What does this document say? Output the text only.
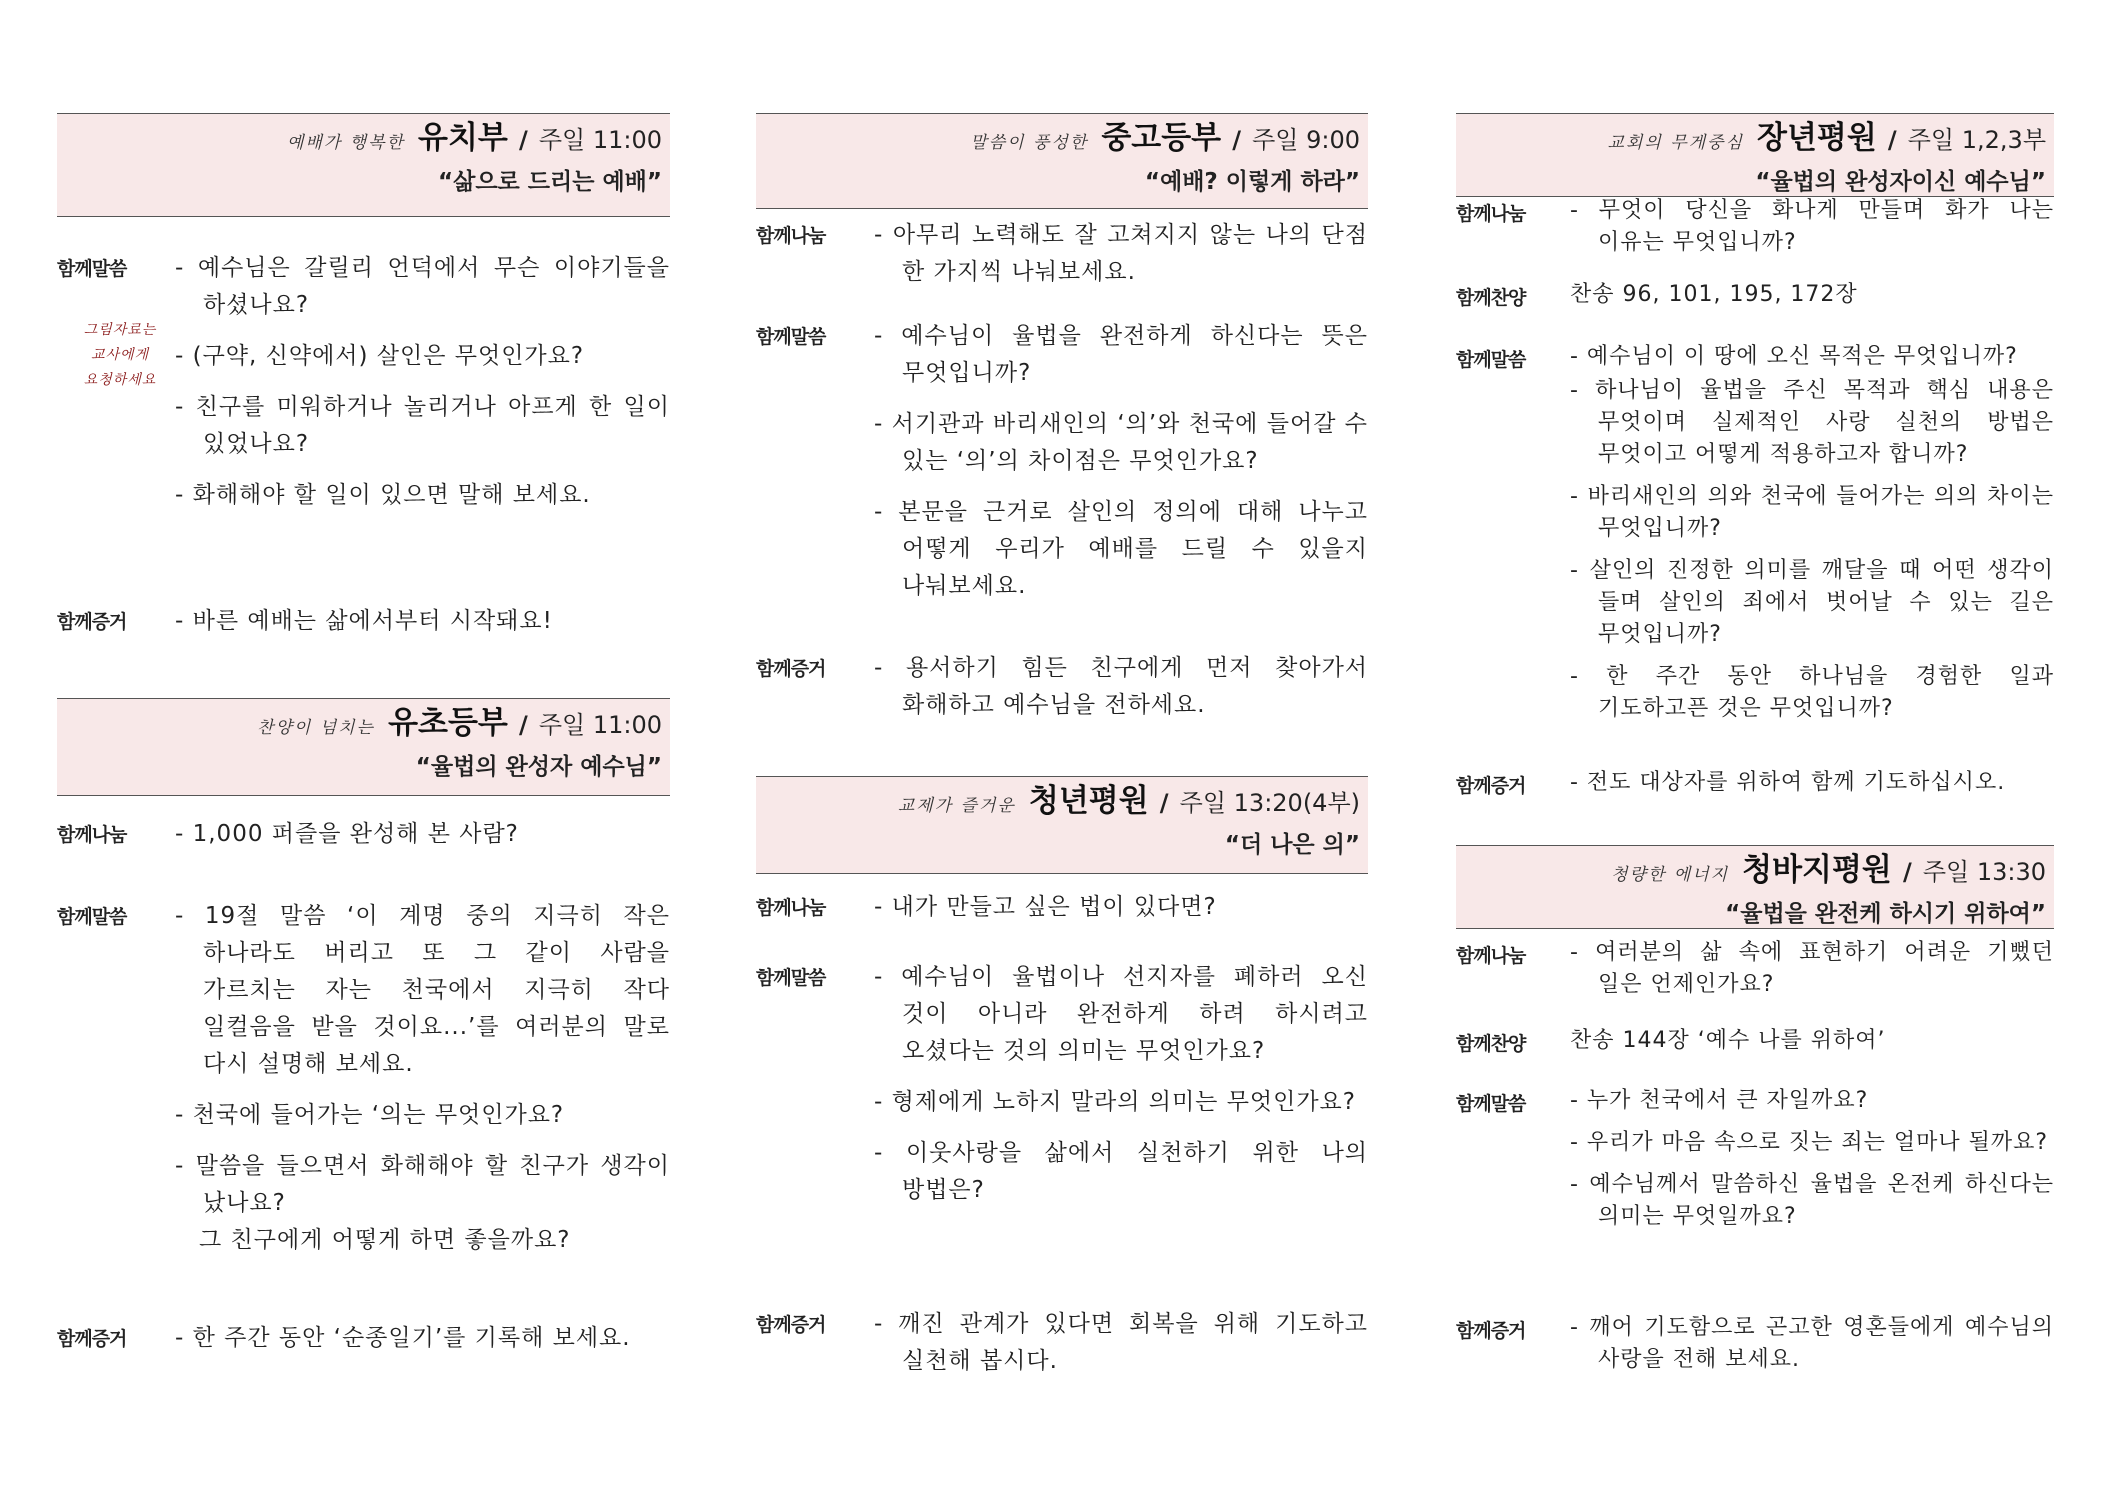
예배가 행복한 유치부 / 주일 11:00
“삶으로 드리는 예배”
함께말씀 - 예수님은 갈릴리 언덕에서 무슨 이야기들을 하셨나요?
- (구약, 신약에서) 살인은 무엇인가요?
- 친구를 미워하거나 놀리거나 아프게 한 일이 있었나요?
- 화해해야 할 일이 있으면 말해 보세요.
그림자료는
교사에게
요청하세요
함께증거 - 바른 예배는 삶에서부터 시작돼요!
찬양이 넘치는 유초등부 / 주일 11:00
“율법의 완성자 예수님”
함께나눔 - 1,000 퍼즐을 완성해 본 사람?
함께말씀 - 19절 말씀 ‘이 계명 중의 지극히 작은 하나라도 버리고 또 그 같이 사람을 가르치는 자는 천국에서 지극히 작다 일컬음을 받을 것이요...’를 여러분의 말로 다시 설명해 보세요.
- 천국에 들어가는 ‘의는 무엇인가요?
- 말씀을 들으면서 화해해야 할 친구가 생각이 났나요?
그 친구에게 어떻게 하면 좋을까요?
함께증거 - 한 주간 동안 ‘순종일기’를 기록해 보세요.
말씀이 풍성한 중고등부 / 주일 9:00
“예배? 이렇게 하라”
함께나눔 - 아무리 노력해도 잘 고쳐지지 않는 나의 단점 한 가지씩 나눠보세요.
함께말씀 - 예수님이 율법을 완전하게 하신다는 뜻은 무엇입니까?
- 서기관과 바리새인의 ‘의’와 천국에 들어갈 수 있는 ‘의’의 차이점은 무엇인가요?
- 본문을 근거로 살인의 정의에 대해 나누고 어떻게 우리가 예배를 드릴 수 있을지 나눠보세요.
함께증거 - 용서하기 힘든 친구에게 먼저 찾아가서 화해하고 예수님을 전하세요.
교제가 즐거운 청년평원 / 주일 13:20(4부)
“더 나은 의”
함께나눔 - 내가 만들고 싶은 법이 있다면?
함께말씀 - 예수님이 율법이나 선지자를 폐하러 오신 것이 아니라 완전하게 하려 하시려고 오셨다는 것의 의미는 무엇인가요?
- 형제에게 노하지 말라의 의미는 무엇인가요?
- 이웃사랑을 삶에서 실천하기 위한 나의 방법은?
함께증거 - 깨진 관계가 있다면 회복을 위해 기도하고 실천해 봅시다.
교회의 무게중심 장년평원 / 주일 1,2,3부
“율법의 완성자이신 예수님”
함께나눔 - 무엇이 당신을 화나게 만들며 화가 나는 이유는 무엇입니까?
함께찬양 찬송 96, 101, 195, 172장
함께말씀 - 예수님이 이 땅에 오신 목적은 무엇입니까?
- 하나님이 율법을 주신 목적과 핵심 내용은 무엇이며 실제적인 사랑 실천의 방법은 무엇이고 어떻게 적용하고자 합니까?
- 바리새인의 의와 천국에 들어가는 의의 차이는 무엇입니까?
- 살인의 진정한 의미를 깨달을 때 어떤 생각이 들며 살인의 죄에서 벗어날 수 있는 길은 무엇입니까?
- 한 주간 동안 하나님을 경험한 일과 기도하고픈 것은 무엇입니까?
함께증거 - 전도 대상자를 위하여 함께 기도하십시오.
청량한 에너지 청바지평원 / 주일 13:30
“율법을 완전케 하시기 위하여”
함께나눔 - 여러분의 삶 속에 표현하기 어려운 기뻤던 일은 언제인가요?
함께찬양 찬송 144장 ‘예수 나를 위하여’
함께말씀 - 누가 천국에서 큰 자일까요?
- 우리가 마음 속으로 짓는 죄는 얼마나 될까요?
- 예수님께서 말씀하신 율법을 온전케 하신다는 의미는 무엇일까요?
함께증거 - 깨어 기도함으로 곤고한 영혼들에게 예수님의 사랑을 전해 보세요.
